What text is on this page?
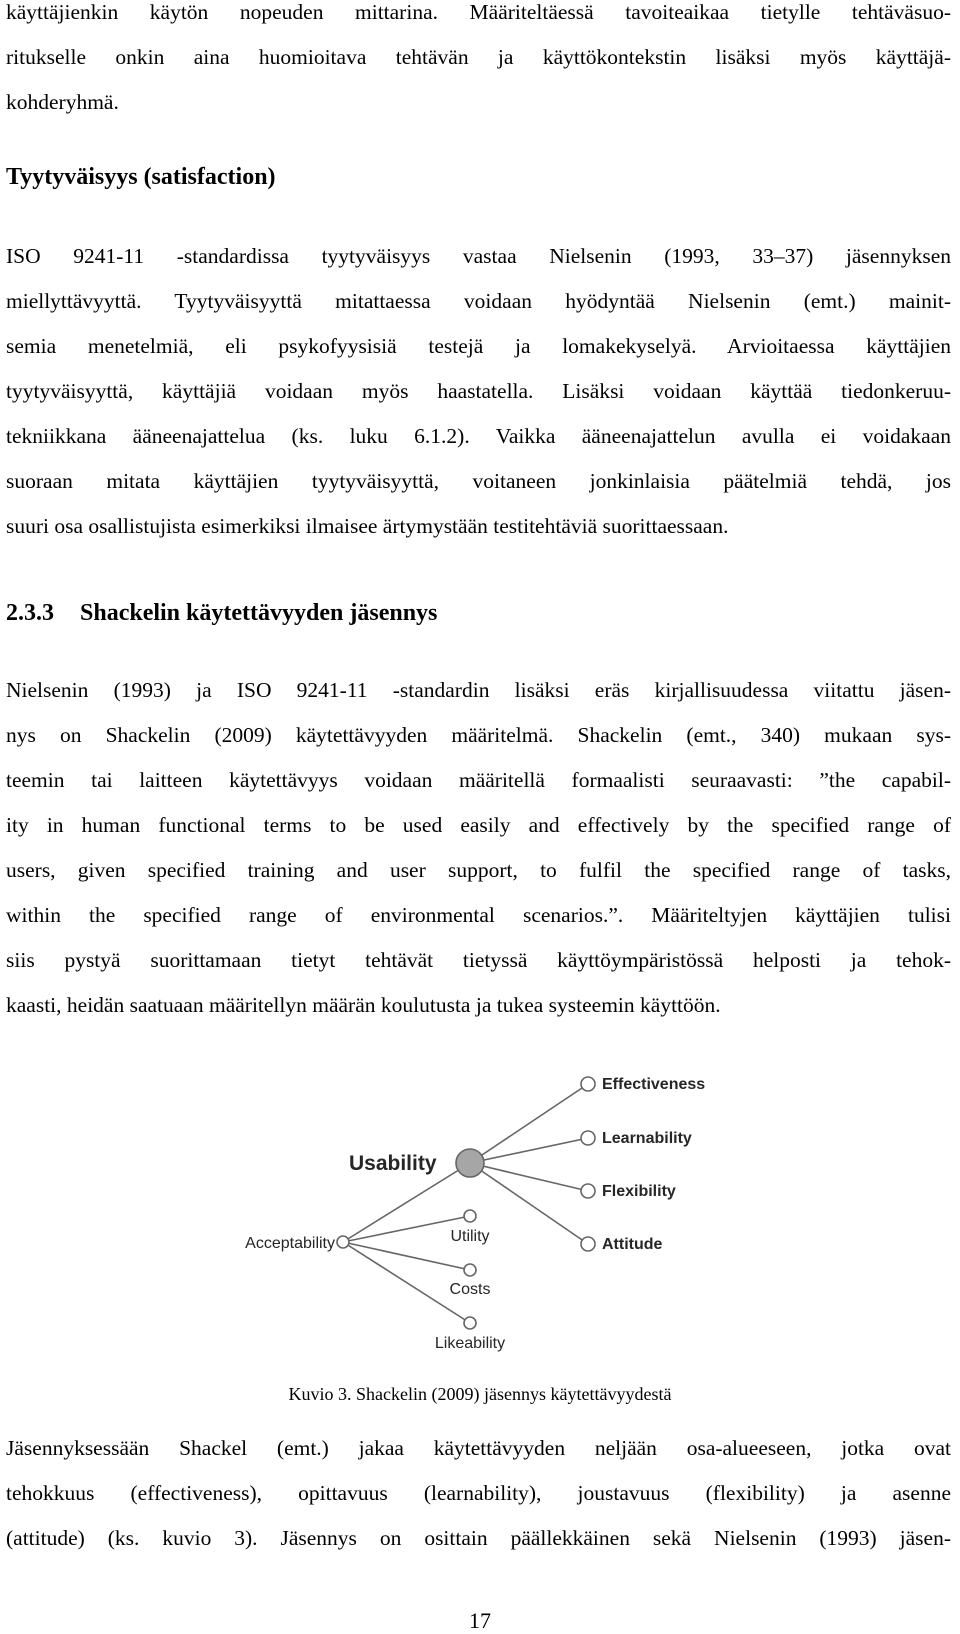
käyttäjienkin käytön nopeuden mittarina. Määriteltäessä tavoiteaikaa tietylle tehtäväsuo-

ritukselle onkin aina huomioitava tehtävän ja käyttökontekstin lisäksi myös käyttäjä-

kohderyhmä.

Tyytyväisyys (satisfaction)

ISO 9241-11 -standardissa tyytyväisyys vastaa Nielsenin (1993, 33–37) jäsennyksen

miellyttävyyttä. Tyytyväisyyttä mitattaessa voidaan hyödyntää Nielsenin (emt.) mainit-

semia menetelmiä, eli psykofyysisiä testejä ja lomakekyselyä. Arvioitaessa käyttäjien

tyytyväisyyttä, käyttäjiä voidaan myös haastatella. Lisäksi voidaan käyttää tiedonkeruu-

tekniikkana ääneenajattelua (ks. luku 6.1.2). Vaikka ääneenajattelun avulla ei voidakaan

suoraan mitata käyttäjien tyytyväisyyttä, voitaneen jonkinlaisia päätelmiä tehdä, jos

suuri osa osallistujista esimerkiksi ilmaisee ärtymystään testitehtäviä suorittaessaan.

2.3.3 Shackelin käytettävyyden jäsennys

Nielsenin (1993) ja ISO 9241-11 -standardin lisäksi eräs kirjallisuudessa viitattu jäsen-

nys on Shackelin (2009) käytettävyyden määritelmä. Shackelin (emt., 340) mukaan sys-

teemin tai laitteen käytettävyys voidaan määritellä formaalisti seuraavasti: ”the capabil-

ity in human functional terms to be used easily and effectively by the specified range of

users, given specified training and user support, to fulfil the specified range of tasks,

within the specified range of environmental scenarios.”. Määriteltyjen käyttäjien tulisi

siis pystyä suorittamaan tietyt tehtävät tietyssä käyttöympäristössä helposti ja tehok-

kaasti, heidän saatuaan määritellyn määrän koulutusta ja tukea systeemin käyttöön.

Usability
Effectiveness
Learnability
Flexibility
Attitude
Acceptability	Utility
Costs
Likeability

Kuvio 3. Shackelin (2009) jäsennys käytettävyydestä

Jäsennyksessään Shackel (emt.) jakaa käytettävyyden neljään osa-alueeseen, jotka ovat

tehokkuus (effectiveness), opittavuus (learnability), joustavuus (flexibility) ja asenne

(attitude) (ks. kuvio 3). Jäsennys on osittain päällekkäinen sekä Nielsenin (1993) jäsen-

17
